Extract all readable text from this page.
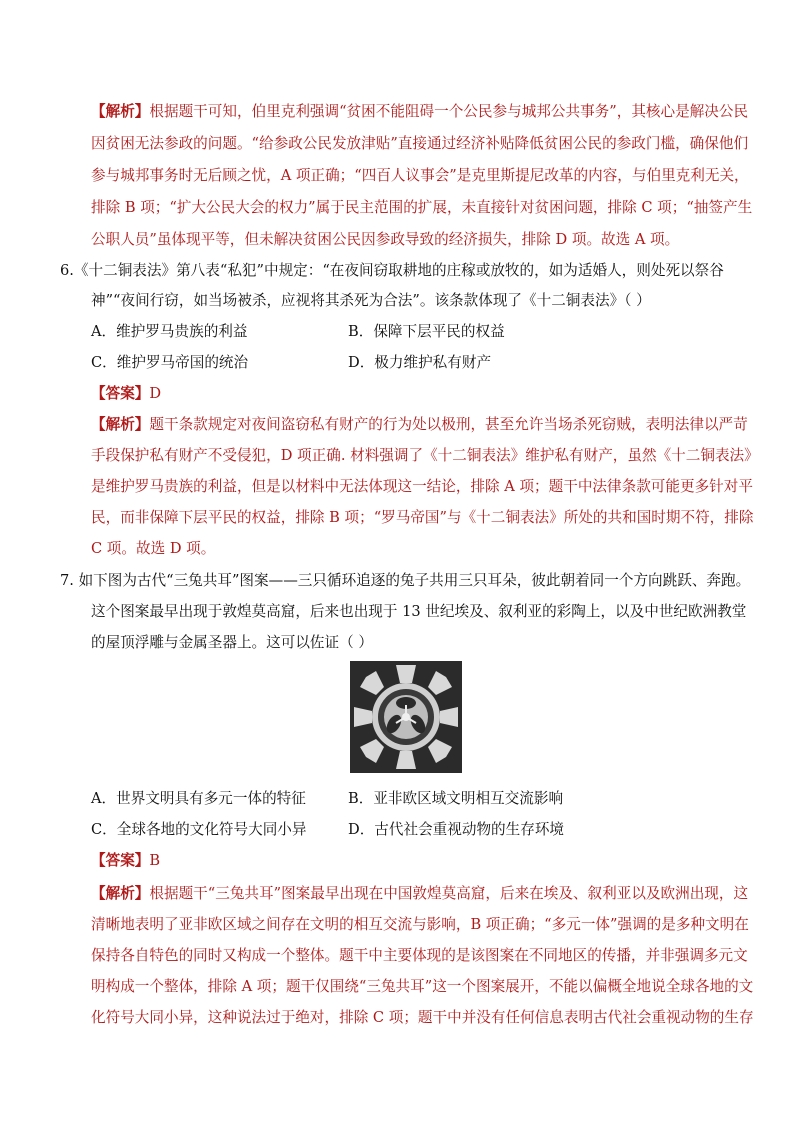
【解析】根据题干可知，伯里克利强调“贫困不能阻碍一个公民参与城邦公共事务”，其核心是解决公民
因贫困无法参政的问题。“给参政公民发放津贴”直接通过经济补贴降低贫困公民的参政门槛，确保他们
参与城邦事务时无后顾之忧，A 项正确；“四百人议事会”是克里斯提尼改革的内容，与伯里克利无关，
排除 B 项；“扩大公民大会的权力”属于民主范围的扩展，未直接针对贫困问题，排除 C 项；“抽签产生
公职人员”虽体现平等，但未解决贫困公民因参政导致的经济损失，排除 D 项。故选 A 项。
6.《十二铜表法》第八表“私犯”中规定：“在夜间窃取耕地的庄稼或放牧的，如为适婚人，则处死以祭谷
神”“夜间行窃，如当场被杀，应视将其杀死为合法”。该条款体现了《十二铜表法》（ ）
A．维护罗马贵族的利益	B．保障下层平民的权益
C．维护罗马帝国的统治	D．极力维护私有财产
【答案】D
【解析】题干条款规定对夜间盗窃私有财产的行为处以极刑，甚至允许当场杀死窃贼，表明法律以严苛
手段保护私有财产不受侵犯，D 项正确. 材料强调了《十二铜表法》维护私有财产，虽然《十二铜表法》
是维护罗马贵族的利益，但是以材料中无法体现这一结论，排除 A 项；题干中法律条款可能更多针对平
民，而非保障下层平民的权益，排除 B 项；“罗马帝国”与《十二铜表法》所处的共和国时期不符，排除
C 项。故选 D 项。
7. 如下图为古代“三兔共耳”图案——三只循环追逐的兔子共用三只耳朵，彼此朝着同一个方向跳跃、奔跑。
这个图案最早出现于敦煌莫高窟，后来也出现于 13 世纪埃及、叙利亚的彩陶上，以及中世纪欧洲教堂
的屋顶浮雕与金属圣器上。这可以佐证（ ）
A．世界文明具有多元一体的特征	B．亚非欧区域文明相互交流影响
C．全球各地的文化符号大同小异	D．古代社会重视动物的生存环境
【答案】B
【解析】根据题干“三兔共耳”图案最早出现在中国敦煌莫高窟，后来在埃及、叙利亚以及欧洲出现，这
清晰地表明了亚非欧区域之间存在文明的相互交流与影响，B 项正确；“多元一体”强调的是多种文明在
保持各自特色的同时又构成一个整体。题干中主要体现的是该图案在不同地区的传播，并非强调多元文
明构成一个整体，排除 A 项；题干仅围绕“三兔共耳”这一个图案展开，不能以偏概全地说全球各地的文
化符号大同小异，这种说法过于绝对，排除 C 项；题干中并没有任何信息表明古代社会重视动物的生存
